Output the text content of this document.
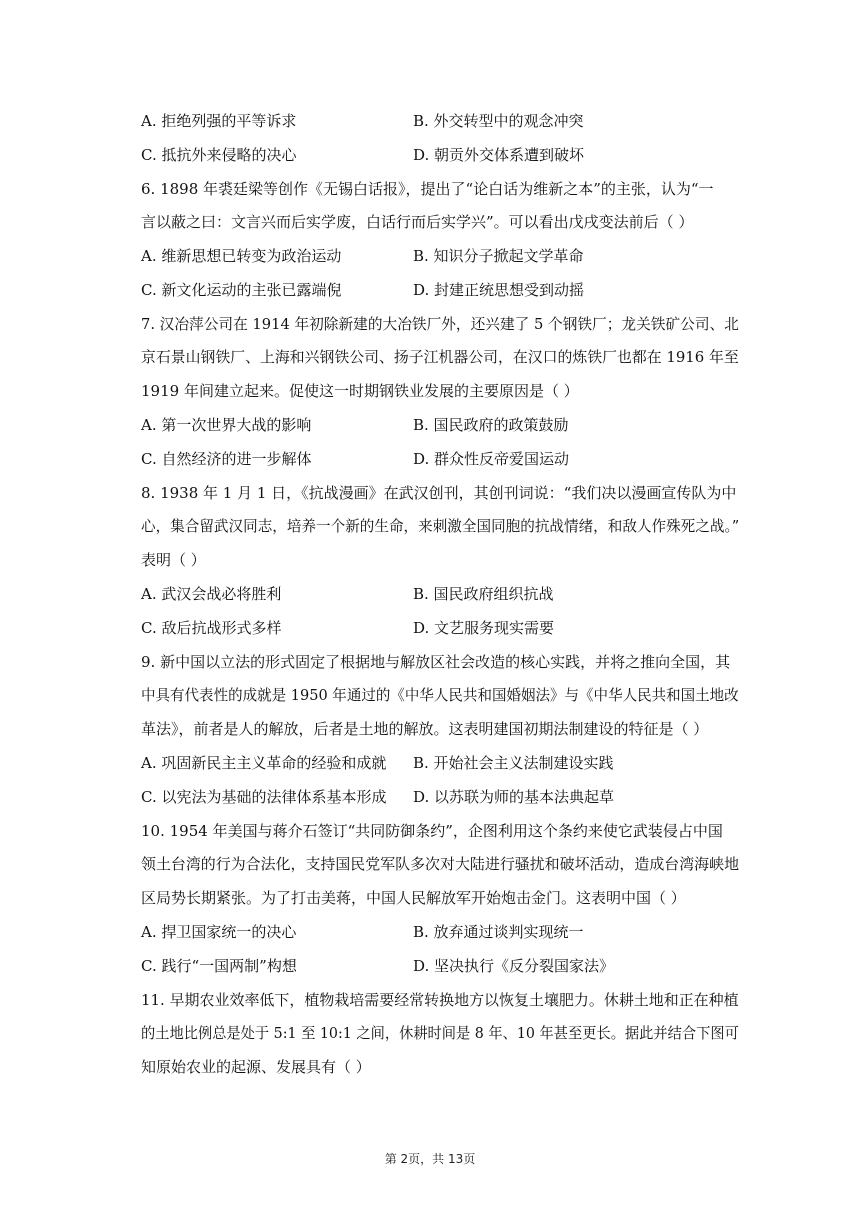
A. 拒绝列强的平等诉求	B. 外交转型中的观念冲突
C. 抵抗外来侵略的决心	D. 朝贡外交体系遭到破坏
6. 1898 年裘廷梁等创作《无锡白话报》，提出了“论白话为维新之本”的主张，认为“一
言以蔽之曰：文言兴而后实学废，白话行而后实学兴”。可以看出戊戌变法前后（ ）
A. 维新思想已转变为政治运动	B. 知识分子掀起文学革命
C. 新文化运动的主张已露端倪	D. 封建正统思想受到动摇
7. 汉冶萍公司在 1914 年初除新建的大冶铁厂外，还兴建了 5 个钢铁厂；龙关铁矿公司、北
京石景山钢铁厂、上海和兴钢铁公司、扬子江机器公司，在汉口的炼铁厂也都在 1916 年至
1919 年间建立起来。促使这一时期钢铁业发展的主要原因是（ ）
A. 第一次世界大战的影响	B. 国民政府的政策鼓励
C. 自然经济的进一步解体	D. 群众性反帝爱国运动
8. 1938 年 1 月 1 日，《抗战漫画》在武汉创刊，其创刊词说：“我们决以漫画宣传队为中
心，集合留武汉同志，培养一个新的生命，来刺激全国同胞的抗战情绪，和敌人作殊死之战。”
表明（ ）
A. 武汉会战必将胜利	B. 国民政府组织抗战
C. 敌后抗战形式多样	D. 文艺服务现实需要
9. 新中国以立法的形式固定了根据地与解放区社会改造的核心实践，并将之推向全国，其
中具有代表性的成就是 1950 年通过的《中华人民共和国婚姻法》与《中华人民共和国土地改
革法》，前者是人的解放，后者是土地的解放。这表明建国初期法制建设的特征是（ ）
A. 巩固新民主主义革命的经验和成就 B. 开始社会主义法制建设实践
C. 以宪法为基础的法律体系基本形成 D. 以苏联为师的基本法典起草
10. 1954 年美国与蒋介石签订“共同防御条约”，企图利用这个条约来使它武装侵占中国
领土台湾的行为合法化，支持国民党军队多次对大陆进行骚扰和破坏活动，造成台湾海峡地
区局势长期紧张。为了打击美蒋，中国人民解放军开始炮击金门。这表明中国（ ）
A. 捍卫国家统一的决心	B. 放弃通过谈判实现统一
C. 践行“一国两制”构想	D. 坚决执行《反分裂国家法》
11. 早期农业效率低下，植物栽培需要经常转换地方以恢复土壤肥力。休耕土地和正在种植
的土地比例总是处于 5:1 至 10:1 之间，休耕时间是 8 年、10 年甚至更长。据此并结合下图可
知原始农业的起源、发展具有（ ）
第 2页，共 13页
